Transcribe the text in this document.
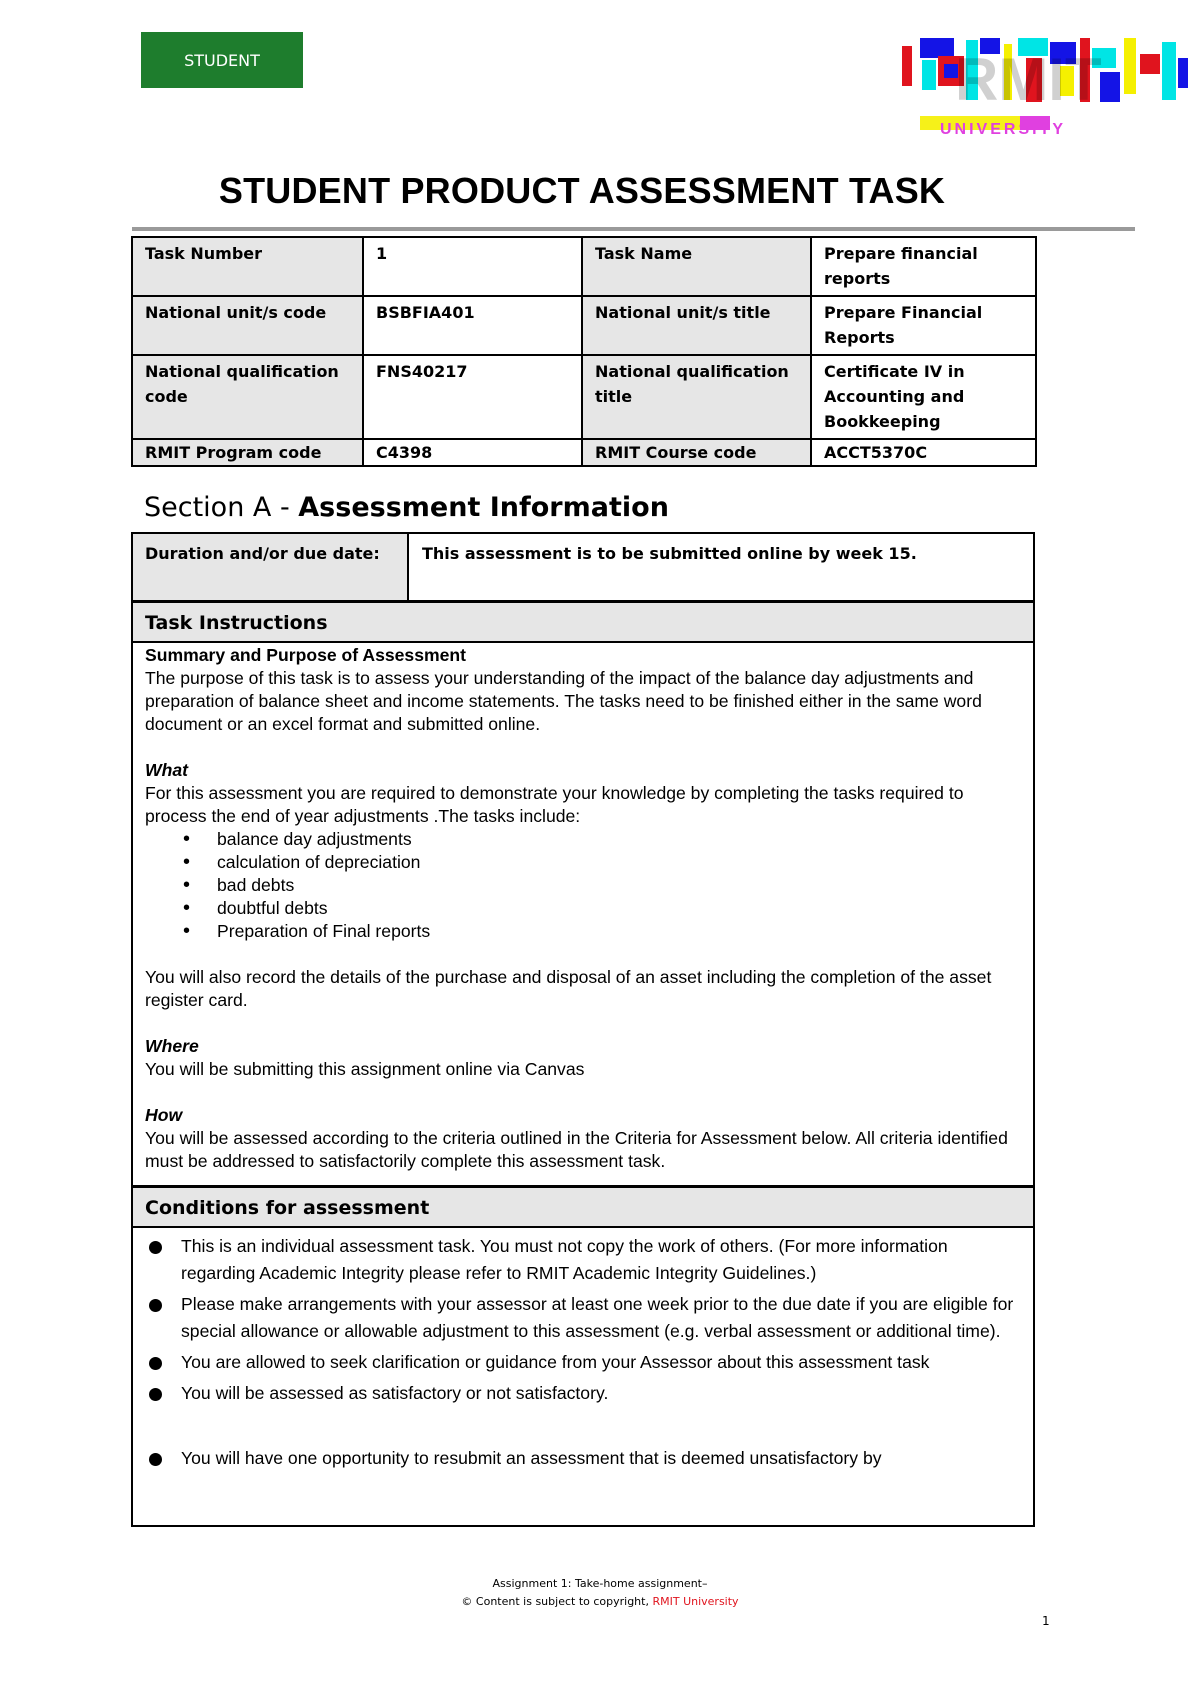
STUDENT	RMIT
UNIVERSITY
STUDENT PRODUCT ASSESSMENT TASK
Task Number	1	Task Name	Prepare financial reports
National unit/s code	BSBFIA401	National unit/s title	Prepare Financial Reports
National qualification code	FNS40217	National qualification title	Certificate IV in Accounting and Bookkeeping
RMIT Program code	C4398	RMIT Course code	ACCT5370C
Section A - Assessment Information
Duration and/or due date:	This assessment is to be submitted online by week 15.
Task Instructions

Summary and Purpose of Assessment

The purpose of this task is to assess your understanding of the impact of the balance day adjustments and preparation of balance sheet and income statements. The tasks need to be finished either in the same word document or an excel format and submitted online.

What

For this assessment you are required to demonstrate your knowledge by completing the tasks required to process the end of year adjustments .The tasks include:

• balance day adjustments
• calculation of depreciation
• bad debts
• doubtful debts
• Preparation of Final reports

You will also record the details of the purchase and disposal of an asset including the completion of the asset register card.

Where

You will be submitting this assignment online via Canvas

How

You will be assessed according to the criteria outlined in the Criteria for Assessment below. All criteria identified must be addressed to satisfactorily complete this assessment task.

Conditions for assessment
This is an individual assessment task. You must not copy the work of others. (For more information regarding Academic Integrity please refer to RMIT Academic Integrity Guidelines.)
Please make arrangements with your assessor at least one week prior to the due date if you are eligible for special allowance or allowable adjustment to this assessment (e.g. verbal assessment or additional time).
You are allowed to seek clarification or guidance from your Assessor about this assessment task
You will be assessed as satisfactory or not satisfactory.
You will have one opportunity to resubmit an assessment that is deemed unsatisfactory by
Assignment 1: Take-home assignment–
© Content is subject to copyright, RMIT University
1
